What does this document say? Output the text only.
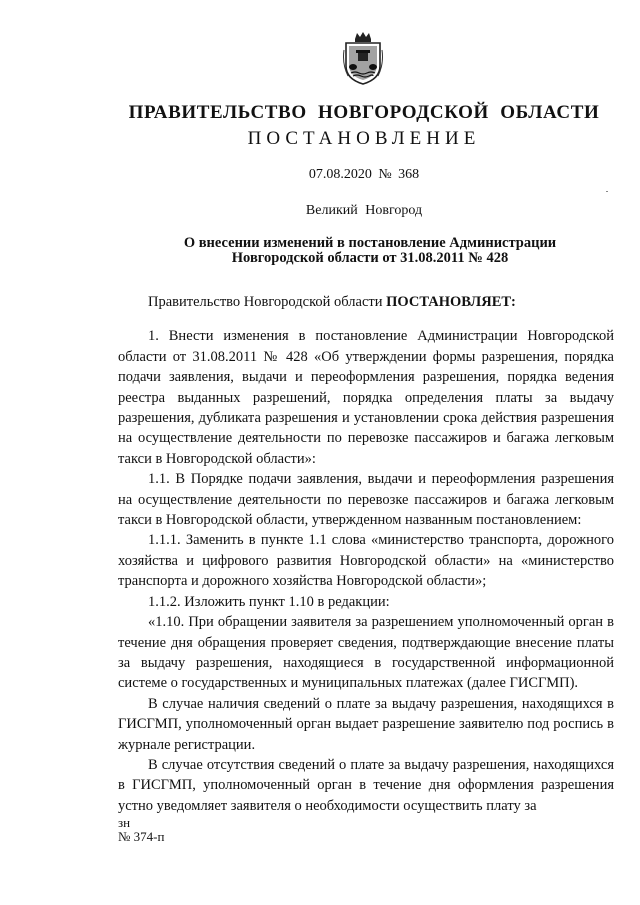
ПРАВИТЕЛЬСТВО НОВГОРОДСКОЙ ОБЛАСТИ
ПОСТАНОВЛЕНИЕ
07.08.2020 № 368
Великий Новгород
О внесении изменений в постановление Администрации
Новгородской области от 31.08.2011 № 428

Правительство Новгородской области ПОСТАНОВЛЯЕТ:

1. Внести изменения в постановление Администрации Новгородской области от 31.08.2011 № 428 «Об утверждении формы разрешения, порядка подачи заявления, выдачи и переоформления разрешения, порядка ведения реестра выданных разрешений, порядка определения платы за выдачу разрешения, дубликата разрешения и установлении срока действия разрешения на осуществление деятельности по перевозке пассажиров и багажа легковым такси в Новгородской области»:

1.1. В Порядке подачи заявления, выдачи и переоформления разрешения на осуществление деятельности по перевозке пассажиров и багажа легковым такси в Новгородской области, утвержденном названным постановлением:

1.1.1. Заменить в пункте 1.1 слова «министерство транспорта, дорожного хозяйства и цифрового развития Новгородской области» на «министерство транспорта и дорожного хозяйства Новгородской области»;

1.1.2. Изложить пункт 1.10 в редакции:

«1.10. При обращении заявителя за разрешением уполномоченный орган в течение дня обращения проверяет сведения, подтверждающие внесение платы за выдачу разрешения, находящиеся в государственной информационной системе о государственных и муниципальных платежах (далее ГИСГМП).

В случае наличия сведений о плате за выдачу разрешения, находящихся в ГИСГМП, уполномоченный орган выдает разрешение заявителю под роспись в журнале регистрации.

В случае отсутствия сведений о плате за выдачу разрешения, находящихся в ГИСГМП, уполномоченный орган в течение дня оформления разрешения устно уведомляет заявителя о необходимости осуществить плату за

зн
№ 374-п
